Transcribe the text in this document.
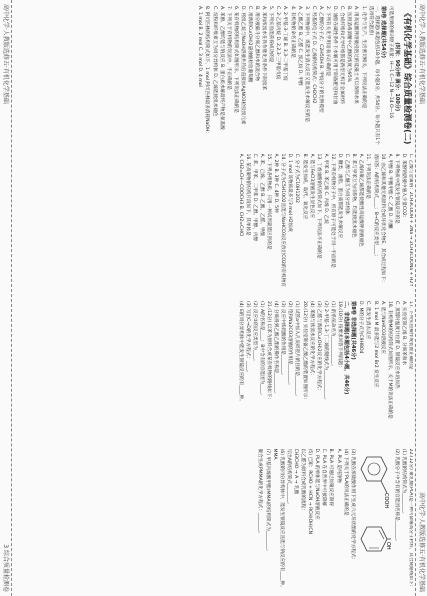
高中化学·人教版选修五·有机化学基础
高中化学·人教版选修五·有机化学基础
《有机化学基础》综合质量检测卷(二)

(时间：90分钟 满分：100分)

可能用到的相对原子质量：H—1 C—12 N—14 O—16

第Ⅰ卷 选择题(共54分)

一、选择题(本题包括18小题，每小题3分，共54分。每小题只有1个选项符合题意)

1. 化学与生产、生活密切相关，下列说法正确的是

A. 用高锰酸钾溶液浸泡过的硅藻土可以保鲜水果

B. 医用消毒酒精中乙醇的浓度为95%

C. 合成纤维和光导纤维都是新型无机非金属材料

D. 油脂在碱性条件下水解可用于制备肥皂和甘油

2. 下列有关化学用语表示正确的是

A. 乙醇的分子式：C2H5OH B. 甲烷分子的比例模型

C. 羟基的电子式 D. 乙烯的结构简式：CH2CH2

3. 下列物质中，既能发生消去反应又能发生水解反应的是

A. 乙酸乙酯 B. 乙醛 C. 溴乙烷 D. 甲醇

4. 有机物的命名正确的是

A. 2-甲基-3-丁烯 B. 3,3-二甲基丁烷

C. 2-乙基丙烷 D. 2,2,3-三甲基戊烷

5. 下列实验能获得成功的是

A. 苯和浓溴水在铁作催化剂条件下制溴苯

B. 用分液漏斗分离乙醇和水的混合物

C. 用新制Cu(OH)2悬浊液检验葡萄糖

D. 将溴乙烷与NaOH溶液共热后直接加AgNO3检验溴元素

6. 某有机物的结构简式如图所示，下列说法正确的是

7. 下列关于有机物的说法中，不正确的是

A. 苯酚、乙醇均能与钠反应 B. 蛋白质水解最终产物是氨基酸

C. 淀粉和纤维素互为同分异构体 D. 乙烯能使溴水褪色

8. 阿司匹林的结构简式如下，1 mol 阿司匹林最多消耗NaOH：

A. 1 mol B. 2 mol C. 3 mol D. 4 mol

C. 乙酸与金属钠：2CH3COOH + 2Na → 2CH3COONa + H2↑

D. 苯酚钠溶液中通入少量CO2：

9. 下列物质中能发生银镜反应的是

A. 甲醇 B. 甲酸甲酯 C. 乙酸 D. 丙酮

10. 由乙烯和其他无机原料合成环状化合物E，其合成过程如下：

请回答：A的结构简式____；B→C的反应类型____；

11. 下列说法正确的是

A. 乙烯和聚乙烯都能使酸性高锰酸钾溶液褪色

B. 苯与甲苯互为同系物，均能使溴水褪色

C. 乙醇与乙醚互为同分异构体

D. 糖类、油脂、蛋白质都能发生水解反应

12. 下列有机物分子中，所有原子可能处于同一平面的是

A. 甲苯 B. 苯乙烯 C. 丙烯 D. 乙烷

13. 丁香油酚的结构简式如下，下列说法不正确的是

A. 能与FeCl3溶液发生显色反应

B. 能发生加成、取代、氧化反应

C. 分子式为C10H12O2

D. 1 mol 该物质最多与3 mol H2加成

14. 分子式为C5H10O2且能与NaHCO3反应放出CO2的有机物有

A. 2种 B. 3种 C. 4种 D. 5种

15. 下列各组物质，只用一种试剂就能区别的是

A. 苯、己烯、乙醇 B. 乙酸、乙醛、甲酸

C. 苯、甲苯、二甲苯 D. 乙醇、甲醇、丙醇

16. 某高聚物的结构片段如下，其单体是

A. CH2=CH—COOCH3 B. CH2=CHCl

17. 下列实验操作或装置正确的是

A. 实验室制乙烯 B. 分离苯和水

C. 蒸馏时温度计位置 D. 银镜反应水浴加热

18. 有机物M的结构简式如图所示，关于M的说法正确的是

A. 能与NaHCO3溶液反应

B. 1 mol M 最多能与2 mol Br2 发生反应

C. 能发生消去反应

D. M的分子式为C9H8O4

第Ⅱ卷 非选择题(共46分)

二、非选择题(本题包括4小题，共46分)

19.(10分) 按要求回答下列问题：

(1) 的系统命名为____________。

(2) 2-甲基-1,3-丁二烯的键线式为____________。

(3) 乙醛与新制Cu(OH)2反应的化学方程式：

(4) 苯酚与浓溴水反应的化学方程式：

20.(12分) 实验室制备乙酸乙酯的装置如图所示：

(1) 试管a中加入几块碎瓷片的目的是________。

(2) 饱和Na2CO3溶液的作用是________。

(3) 反应中浓硫酸的作用是________。

(4) 分离得到乙酸乙酯的操作名称是________。

21.(12分) 以苯为原料合成某有机物的路线如下：

(1) A的名称是____；B中含有的官能团为____。

(2) 反应②的反应类型为____。

(3) 写出C→D的化学方程式：____。

(4) E的同分异构体中能发生银镜反应的有____种。

22.(12分) 聚乳酸(PLA)是一种可降解高分子材料，其合成路线如下：

(1) 乳酸的结构简式为________。

(2) 乳酸分子中含有的官能团名称是________。

COOH
OH

(3) 乳酸在浓硫酸作用下生成六元环状酯的化学方程式：

(4) 下列关于PLA的说法正确的是

A. PLA 是纯净物

B. PLA 可通过加聚反应制得

C. PLA 在自然界中可被降解

D. PLA 的单体能与NaOH溶液反应

(5) 已知：RCHO + HCN → RCH(OH)CN

以乙醛为原料合成乳酸的流程：

CH3CHO → A → 乳酸

写出A的结构简式________。

(6) 乳酸的同分异构体中，能发生银镜反应且能与钠反应的有____种。

MMA

(7) 甲基丙烯酸甲酯(MMA)的结构简式为________。

聚合生成PMMA的化学方程式：________。

高中化学·人教版选修五·有机化学基础
3 综合质量检测卷
